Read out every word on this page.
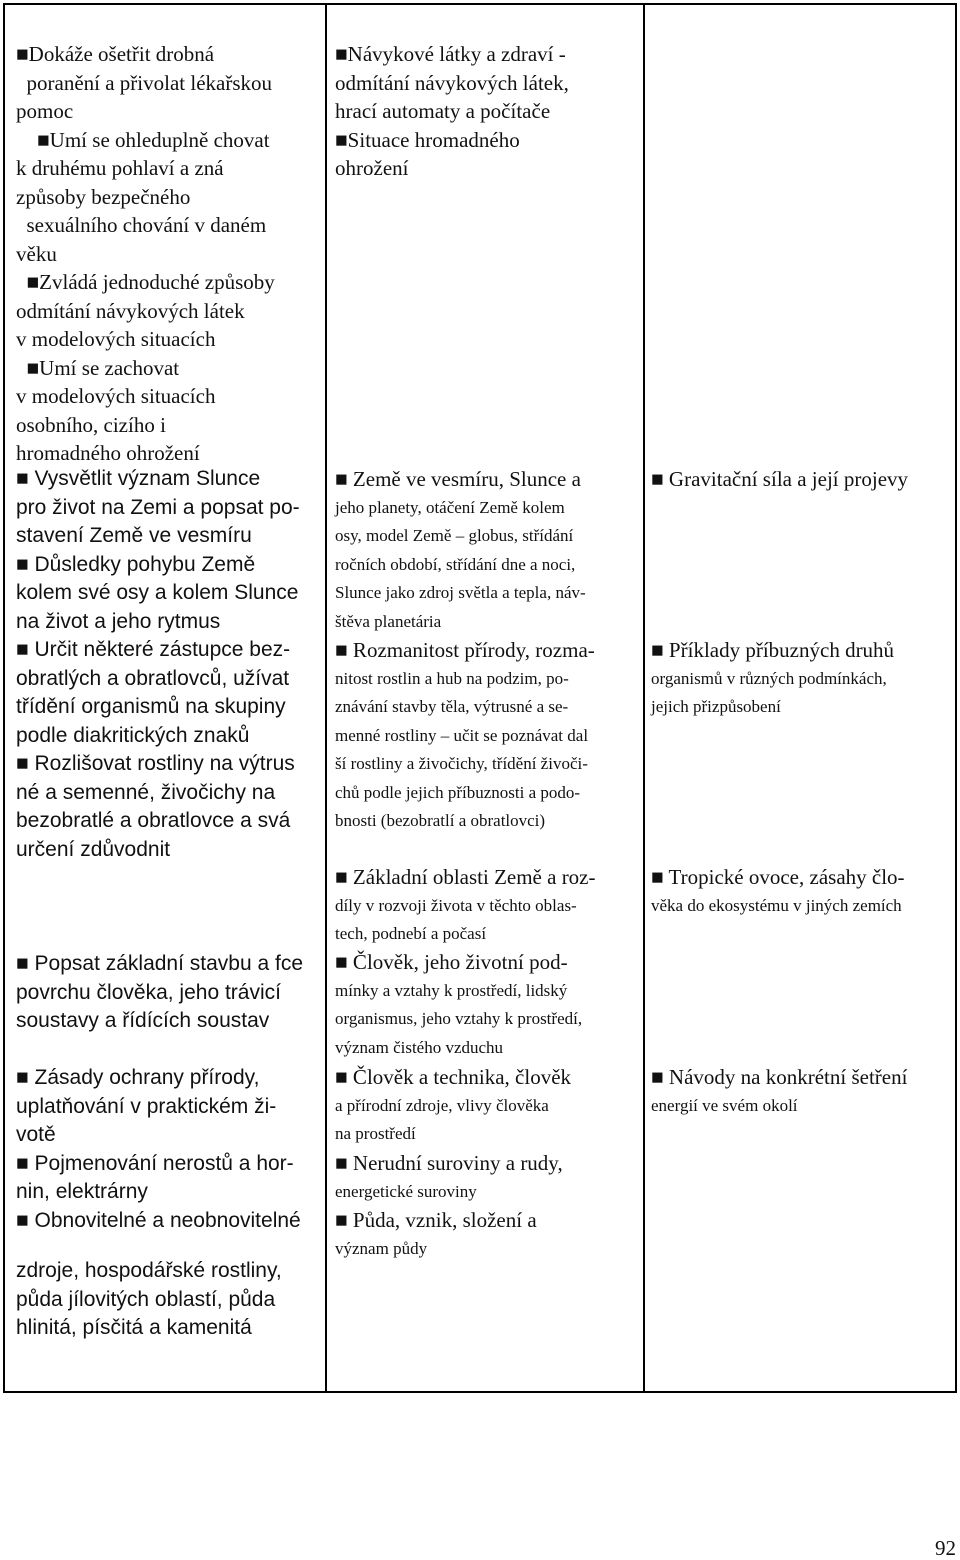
■Dokáže ošetřit drobná
poranění a přivolat lékařskou
pomoc
■Umí se ohleduplně chovat
k druhému pohlaví a zná
způsoby bezpečného
sexuálního chování v daném
věku
■Zvládá jednoduché způsoby
odmítání návykových látek
v modelových situacích
■Umí se zachovat
v modelových situacích
osobního, cizího i
hromadného ohrožení
■ Vysvětlit význam Slunce
pro život na Zemi a popsat po-
stavení Země ve vesmíru
■ Důsledky pohybu Země
kolem své osy a kolem Slunce
na život a jeho rytmus
■ Určit některé zástupce bez-
obratlých a obratlovců, užívat
třídění organismů na skupiny
podle diakritických znaků
■ Rozlišovat rostliny na výtrus
né a semenné, živočichy na
bezobratlé a obratlovce a svá
určení zdůvodnit
■ Popsat základní stavbu a fce
povrchu člověka, jeho trávicí
soustavy a řídících soustav
■ Zásady ochrany přírody,
uplatňování v praktickém ži-
votě
■ Pojmenování nerostů a hor-
nin, elektrárny
■ Obnovitelné a neobnovitelné
zdroje, hospodářské rostliny,
půda jílovitých oblastí, půda
hlinitá, písčitá a kamenitá
■Návykové látky a zdraví -
odmítání návykových látek,
hrací automaty a počítače
■Situace hromadného
ohrožení
■ Země ve vesmíru, Slunce a
jeho planety, otáčení Země kolem
osy, model Země – globus, střídání
ročních období, střídání dne a noci,
Slunce jako zdroj světla a tepla, náv-
štěva planetária
■ Rozmanitost přírody, rozma-
nitost rostlin a hub na podzim, po-
znávání stavby těla, výtrusné a se-
menné rostliny – učit se poznávat dal
ší rostliny a živočichy, třídění živoči-
chů podle jejich příbuznosti a podo-
bnosti (bezobratlí a obratlovci)
■ Základní oblasti Země a roz-
díly v rozvoji života v těchto oblas-
tech, podnebí a počasí
■ Člověk, jeho životní pod-
mínky a vztahy k prostředí, lidský
organismus, jeho vztahy k prostředí,
význam čistého vzduchu
■ Člověk a technika, člověk
a přírodní zdroje, vlivy člověka
na prostředí
■ Nerudní suroviny a rudy,
energetické suroviny
■ Půda, vznik, složení a
význam půdy
■ Gravitační síla a její projevy
■ Příklady příbuzných druhů
organismů v různých podmínkách,
jejich přizpůsobení
■ Tropické ovoce, zásahy člo-
věka do ekosystému v jiných zemích
■ Návody na konkrétní šetření
energií ve svém okolí
92
